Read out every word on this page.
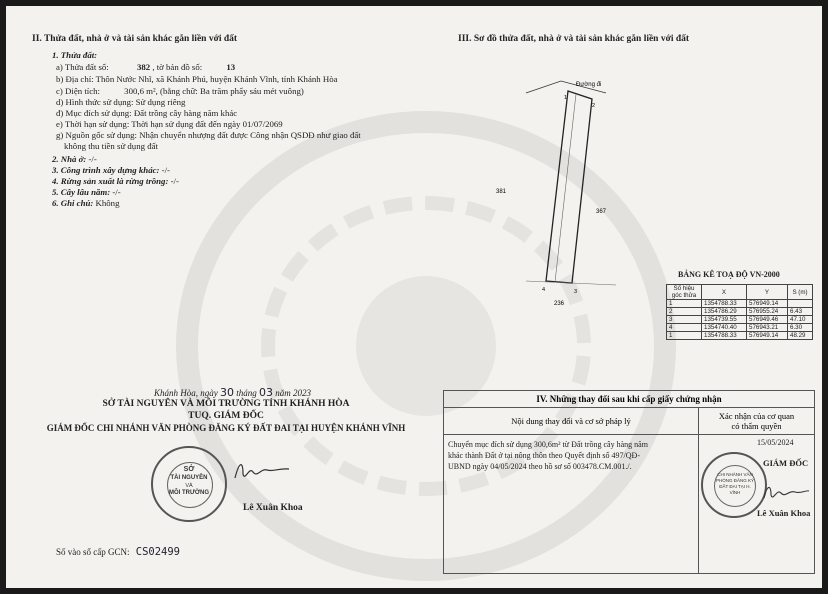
II. Thửa đất, nhà ở và tài sản khác gắn liền với đất
1. Thửa đất:
a) Thửa đất số:	382 , tờ bản đồ số:	13
b) Địa chỉ: Thôn Nước Nhĩ, xã Khánh Phú, huyện Khánh Vĩnh, tỉnh Khánh Hòa
c) Diện tích:	300,6 m², (bằng chữ: Ba trăm phẩy sáu mét vuông)
d) Hình thức sử dụng: Sử dụng riêng
đ) Mục đích sử dụng: Đất trồng cây hàng năm khác
e) Thời hạn sử dụng: Thời hạn sử dụng đất đến ngày 01/07/2069
g) Nguồn gốc sử dụng: Nhận chuyển nhượng đất được Công nhận QSDĐ như giao đất
không thu tiền sử dụng đất
2. Nhà ở: -/-
3. Công trình xây dựng khác: -/-
4. Rừng sản xuất là rừng trồng: -/-
5. Cây lâu năm: -/-
6. Ghi chú: Không
III. Sơ đồ thửa đất, nhà ở và tài sản khác gắn liền với đất
Đường đi
381
367
236
1
2
3
4
BẢNG KÊ TOẠ ĐỘ VN-2000
Số hiệu góc thửa	X	Y	S (m)
1	1354788.33	576949.14	
2	1354786.29	576955.24	6.43
3	1354739.55	576949.46	47.10
4	1354740.40	576943.21	6.30
1	1354788.33	576949.14	48.29
Khánh Hòa, ngày 30 tháng 03 năm 2023
SỞ TÀI NGUYÊN VÀ MÔI TRƯỜNG TỈNH KHÁNH HÒA
TUQ. GIÁM ĐỐC
GIÁM ĐỐC CHI NHÁNH VĂN PHÒNG ĐĂNG KÝ ĐẤT ĐAI TẠI HUYỆN KHÁNH VĨNH
SỞ
TÀI NGUYÊN
VÀ
MÔI TRƯỜNG
Lê Xuân Khoa
Số vào sổ cấp GCN: CS02499
IV. Những thay đổi sau khi cấp giấy chứng nhận
Nội dung thay đổi và cơ sở pháp lý
Chuyển mục đích sử dụng 300,6m² từ Đất trồng cây hàng năm
khác thành Đất ở tại nông thôn theo Quyết định số 497/QĐ-
UBND ngày 04/05/2024 theo hồ sơ số 003478.CM.001./.
Xác nhận của cơ quan
có thẩm quyền
15/05/2024
CHI NHÁNH VĂN PHÒNG ĐĂNG KÝ ĐẤT ĐAI TẠI H. VĨNH
GIÁM ĐỐC
Lê Xuân Khoa
